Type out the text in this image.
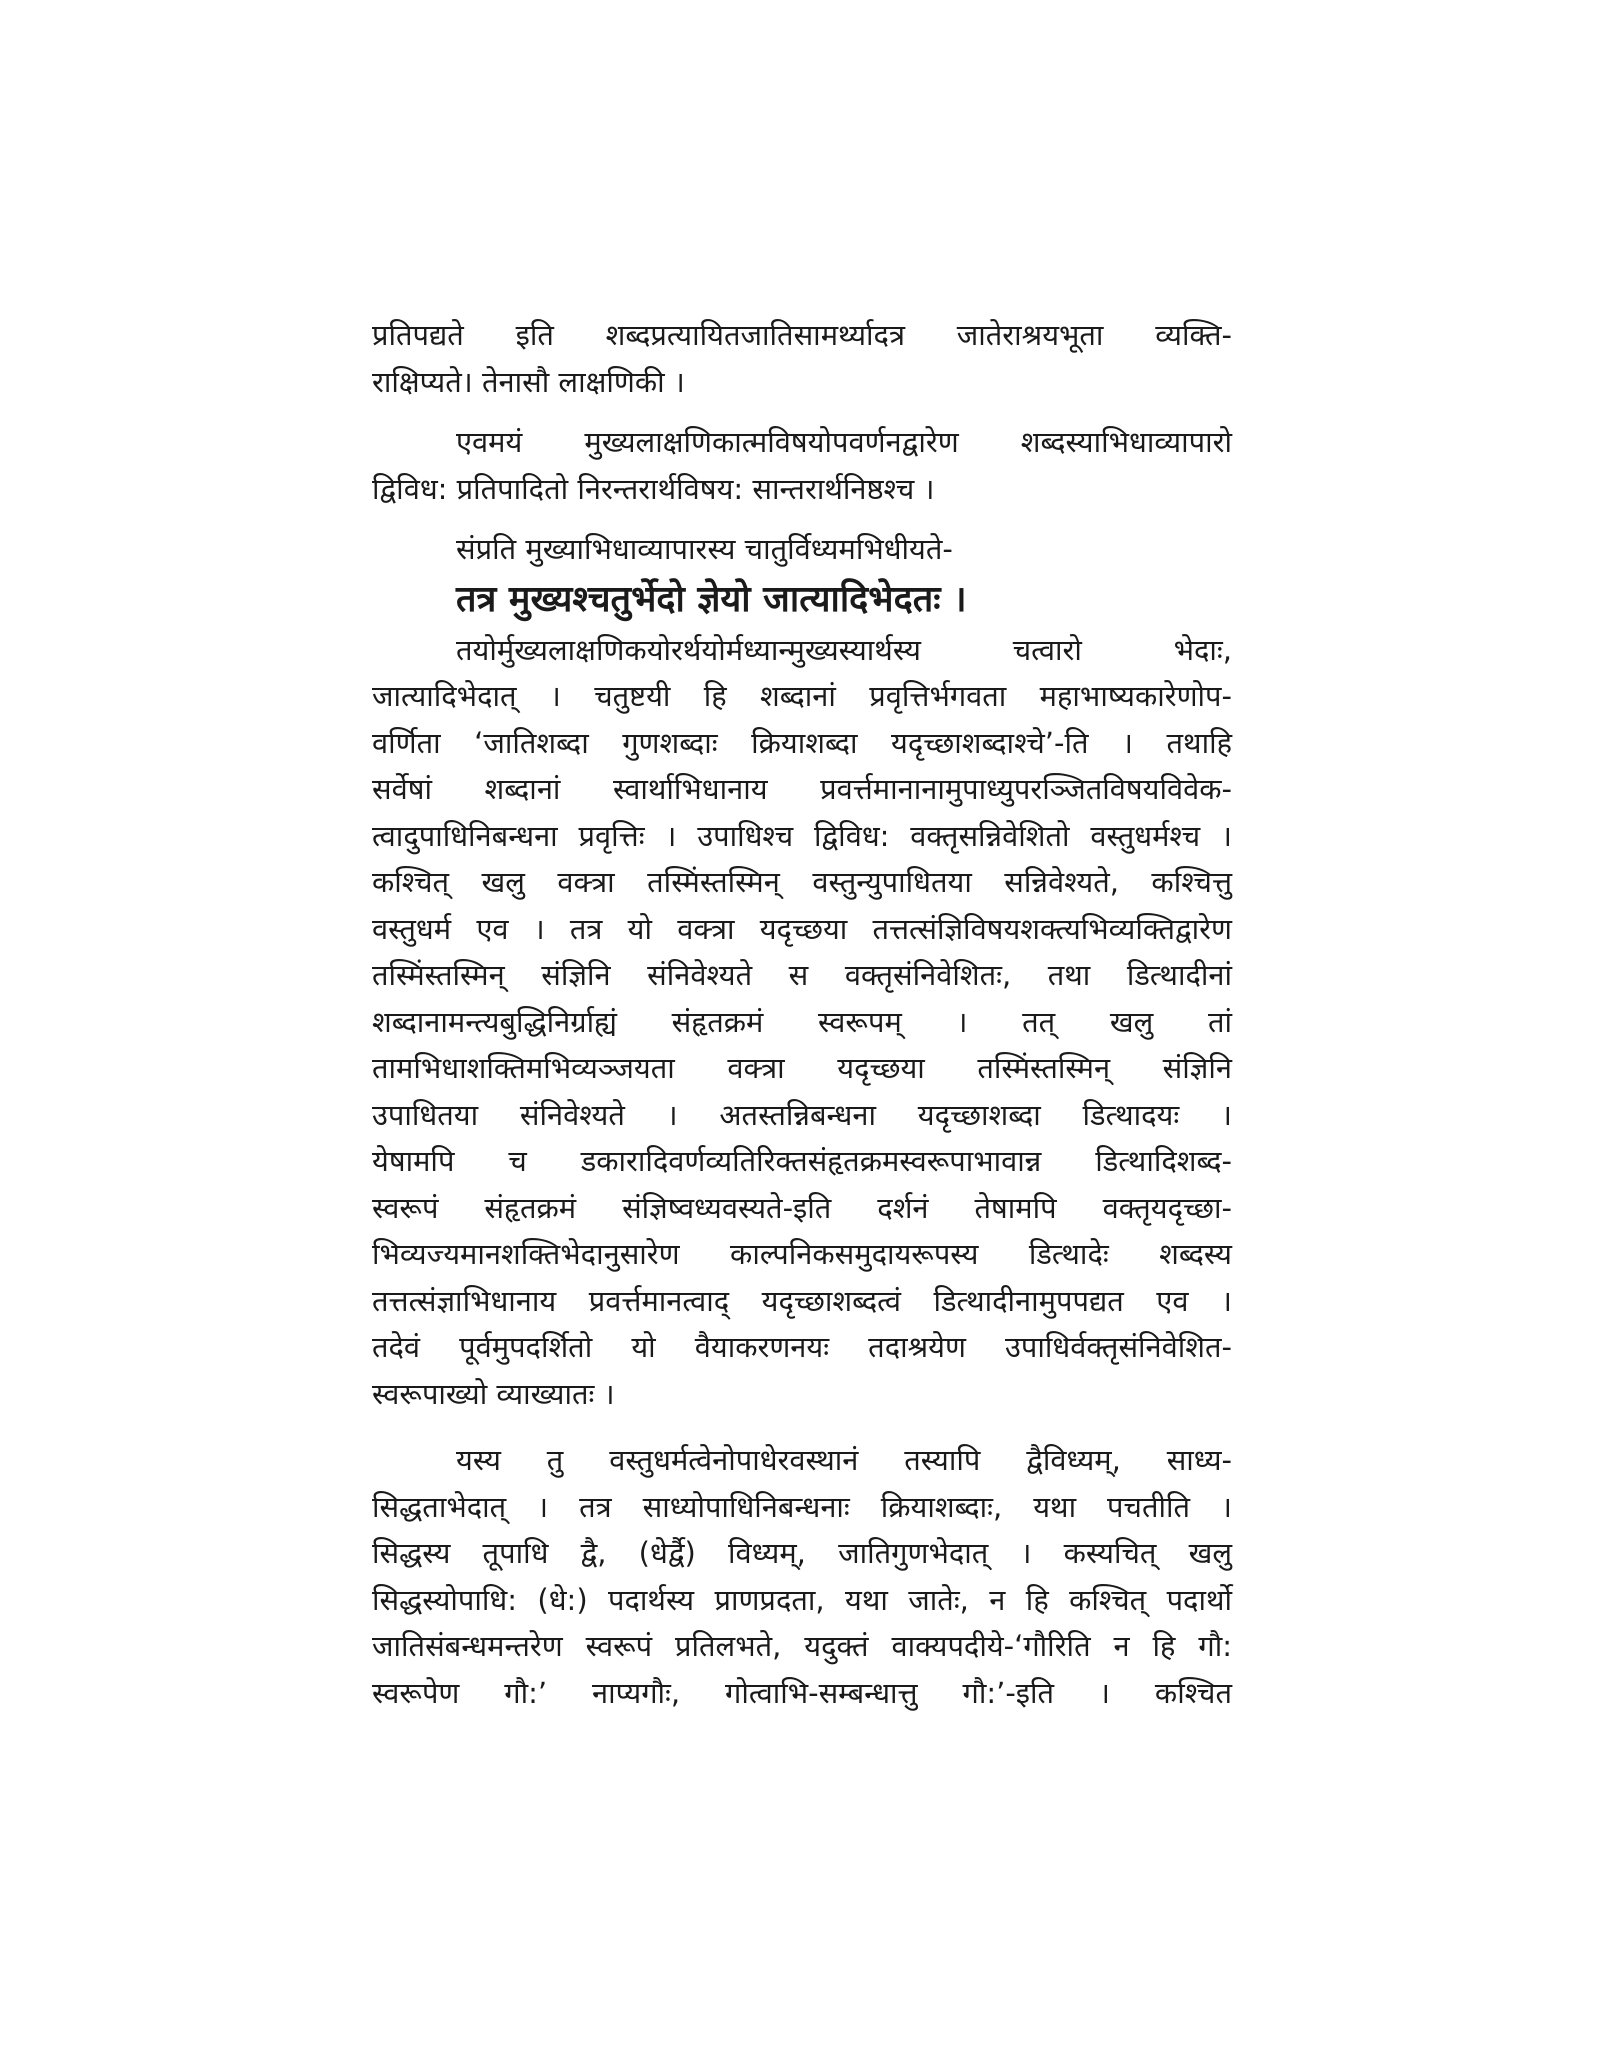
प्रतिपद्यते इति शब्दप्रत्यायितजातिसामर्थ्यादत्र जातेराश्रयभूता व्यक्ति-
राक्षिप्यते। तेनासौ लाक्षणिकी ।
एवमयं मुख्यलाक्षणिकात्मविषयोपवर्णनद्वारेण शब्दस्याभिधाव्यापारो
द्विविध: प्रतिपादितो निरन्तरार्थविषय: सान्तरार्थनिष्ठश्च ।

संप्रति मुख्याभिधाव्यापारस्य चातुर्विध्यमभिधीयते-

तत्र मुख्यश्चतुर्भेदो ज्ञेयो जात्यादिभेदतः ।

तयोर्मुख्यलाक्षणिकयोरर्थयोर्मध्यान्मुख्यस्यार्थस्य चत्वारो भेदाः,
जात्यादिभेदात् । चतुष्टयी हि शब्दानां प्रवृत्तिर्भगवता महाभाष्यकारेणोप-
वर्णिता ‘जातिशब्दा गुणशब्दाः क्रियाशब्दा यदृच्छाशब्दाश्चे’-ति । तथाहि
सर्वेषां शब्दानां स्वार्थाभिधानाय प्रवर्त्तमानानामुपाध्युपरञ्जितविषयविवेक-
त्वादुपाधिनिबन्धना प्रवृत्तिः । उपाधिश्च द्विविध: वक्तृसन्निवेशितो वस्तुधर्मश्च ।
कश्चित् खलु वक्त्रा तस्मिंस्तस्मिन् वस्तुन्युपाधितया सन्निवेश्यते, कश्चित्तु
वस्तुधर्म एव । तत्र यो वक्त्रा यदृच्छया तत्तत्संज्ञिविषयशक्त्यभिव्यक्तिद्वारेण
तस्मिंस्तस्मिन् संज्ञिनि संनिवेश्यते स वक्तृसंनिवेशितः, तथा डित्थादीनां
शब्दानामन्त्यबुद्धिनिर्ग्राह्यं संहृतक्रमं स्वरूपम् । तत् खलु तां
तामभिधाशक्तिमभिव्यञ्जयता वक्त्रा यदृच्छया तस्मिंस्तस्मिन् संज्ञिनि
उपाधितया संनिवेश्यते । अतस्तन्निबन्धना यदृच्छाशब्दा डित्थादयः ।
येषामपि च डकारादिवर्णव्यतिरिक्तसंहृतक्रमस्वरूपाभावान्न डित्थादिशब्द-
स्वरूपं संहृतक्रमं संज्ञिष्वध्यवस्यते-इति दर्शनं तेषामपि वक्तृयदृच्छा-
भिव्यज्यमानशक्तिभेदानुसारेण काल्पनिकसमुदायरूपस्य डित्थादेः शब्दस्य
तत्तत्संज्ञाभिधानाय प्रवर्त्तमानत्वाद् यदृच्छाशब्दत्वं डित्थादीनामुपपद्यत एव ।
तदेवं पूर्वमुपदर्शितो यो वैयाकरणनयः तदाश्रयेण उपाधिर्वक्तृसंनिवेशित-
स्वरूपाख्यो व्याख्यातः ।
यस्य तु वस्तुधर्मत्वेनोपाधेरवस्थानं तस्यापि द्वैविध्यम्, साध्य-
सिद्धताभेदात् । तत्र साध्योपाधिनिबन्धनाः क्रियाशब्दाः, यथा पचतीति ।
सिद्धस्य तूपाधि द्वै, (धेर्द्वै) विध्यम्, जातिगुणभेदात् । कस्यचित् खलु
सिद्धस्योपाधि: (धे:) पदार्थस्य प्राणप्रदता, यथा जातेः, न हि कश्चित् पदार्थो
जातिसंबन्धमन्तरेण स्वरूपं प्रतिलभते, यदुक्तं वाक्यपदीये-‘गौरिति न हि गौ:
स्वरूपेण गौ:’ नाप्यगौः, गोत्वाभि-सम्बन्धात्तु गौ:’-इति । कश्चित
